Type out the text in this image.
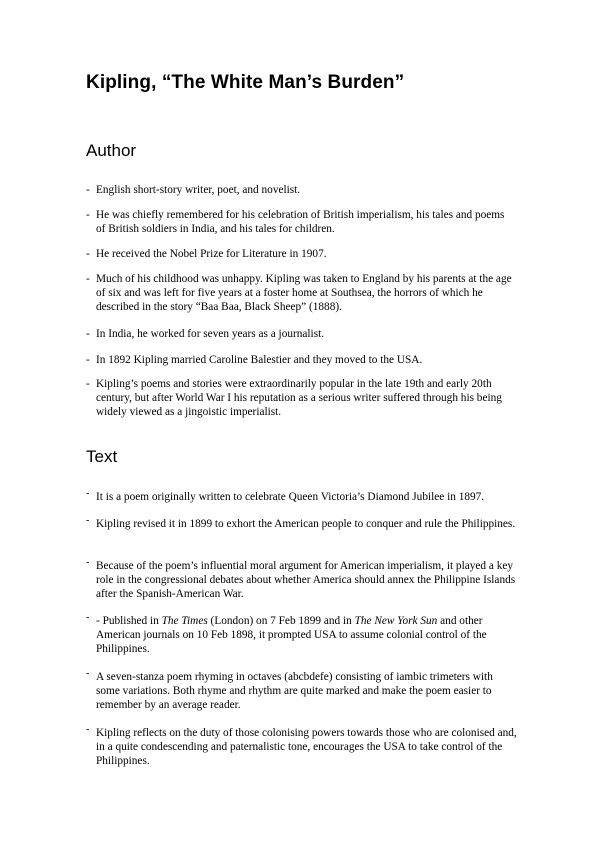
Kipling, “The White Man’s Burden”
Author
- English short-story writer, poet, and novelist.
- He was chiefly remembered for his celebration of British imperialism, his tales and poems of British soldiers in India, and his tales for children.
- He received the Nobel Prize for Literature in 1907.
- Much of his childhood was unhappy. Kipling was taken to England by his parents at the age of six and was left for five years at a foster home at Southsea, the horrors of which he described in the story “Baa Baa, Black Sheep” (1888).
- In India, he worked for seven years as a journalist.
- In 1892 Kipling married Caroline Balestier and they moved to the USA.
- Kipling’s poems and stories were extraordinarily popular in the late 19th and early 20th century, but after World War I his reputation as a serious writer suffered through his being widely viewed as a jingoistic imperialist.
Text
- It is a poem originally written to celebrate Queen Victoria’s Diamond Jubilee in 1897.
- Kipling revised it in 1899 to exhort the American people to conquer and rule the Philippines.
- Because of the poem’s influential moral argument for American imperialism, it played a key role in the congressional debates about whether America should annex the Philippine Islands after the Spanish-American War.
- - Published in The Times (London) on 7 Feb 1899 and in The New York Sun and other American journals on 10 Feb 1898, it prompted USA to assume colonial control of the Philippines.
- A seven-stanza poem rhyming in octaves (abcbdefe) consisting of iambic trimeters with some variations. Both rhyme and rhythm are quite marked and make the poem easier to remember by an average reader.
- Kipling reflects on the duty of those colonising powers towards those who are colonised and, in a quite condescending and paternalistic tone, encourages the USA to take control of the Philippines.
